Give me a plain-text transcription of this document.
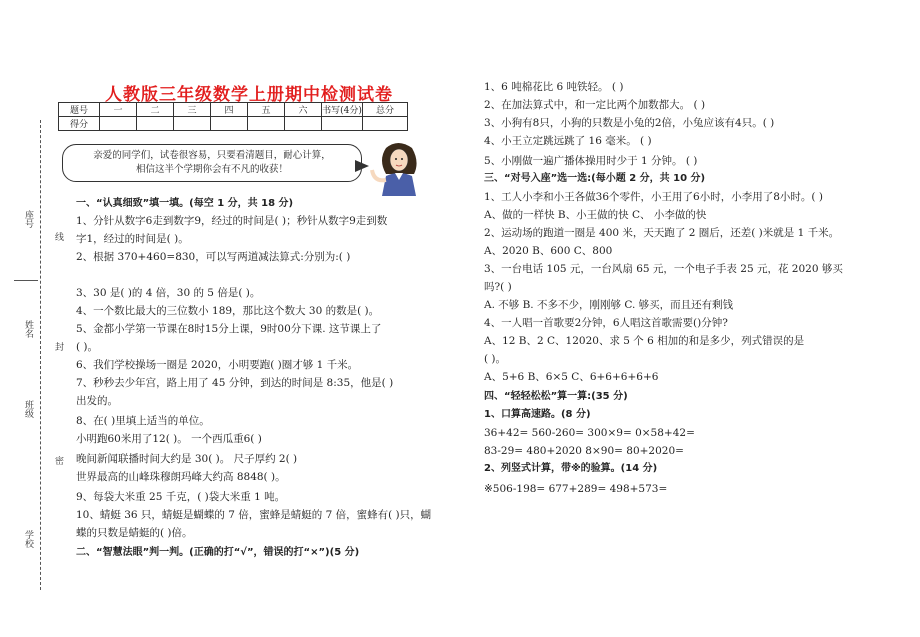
座号
姓名
班级
学校
线
封
密
人教版三年级数学上册期中检测试卷
题号	一	二	三	四	五	六	书写(4分)	总分
得分								
亲爱的同学们，试卷很容易，只要看清题目，耐心计算，
相信这半个学期你会有不凡的收获！
一、“认真细致”填一填。(每空 1 分，共 18 分)
1、分针从数字6走到数字9，经过的时间是( )；秒针从数字9走到数
字1，经过的时间是( )。
2、根据 370+460=830，可以写两道减法算式:分别为:( )
3、30 是( )的 4 倍，30 的 5 倍是( )。
4、一个数比最大的三位数小 189，那比这个数大 30 的数是( )。
5、金都小学第一节课在8时15分上课，9时00分下课. 这节课上了
( )。
6、我们学校操场一圈是 2020，小明要跑( )圈才够 1 千米。
7、秒秒去少年宫，路上用了 45 分钟，到达的时间是 8:35，他是( )
出发的。
8、在( )里填上适当的单位。
小明跑60米用了12( )。 一个西瓜重6( )
晚间新闻联播时间大约是 30( )。 尺子厚约 2( )
世界最高的山峰珠穆朗玛峰大约高 8848( )。
9、每袋大米重 25 千克，( )袋大米重 1 吨。
10、蜻蜓 36 只，蜻蜓是蝴蝶的 7 倍，蜜蜂是蜻蜓的 7 倍，蜜蜂有( )只，蝴
蝶的只数是蜻蜓的( )倍。
二、“智慧法眼”判一判。(正确的打“√”，错误的打“×”)(5 分)
1、6 吨棉花比 6 吨铁轻。 ( )
2、在加法算式中，和一定比两个加数都大。 ( )
3、小狗有8只，小狗的只数是小兔的2倍，小兔应该有4只。( )
4、小王立定跳远跳了 16 毫米。 ( )
5、小刚做一遍广播体操用时少于 1 分钟。 ( )
三、“对号入座”选一选:(每小题 2 分，共 10 分)
1、工人小李和小王各做36个零件，小王用了6小时，小李用了8小时。( )
A、做的一样快 B、小王做的快 C、 小李做的快
2、运动场的跑道一圈是 400 米，天天跑了 2 圈后，还差( )米就是 1 千米。
A、2020 B、600 C、800
3、一台电话 105 元，一台风扇 65 元，一个电子手表 25 元，花 2020 够买
吗?( )
A. 不够 B. 不多不少，刚刚够 C. 够买，而且还有剩钱
4、一人唱一首歌要2分钟，6人唱这首歌需要()分钟?
A、12 B、2 C、12020、求 5 个 6 相加的和是多少，列式错误的是
( )。
A、5+6 B、6×5 C、6+6+6+6+6
四、“轻轻松松”算一算:(35 分)
1、口算高速路。(8 分)
36+42= 560-260= 300×9= 0×58+42=
83-29= 480+2020 8×90= 80+2020=
2、列竖式计算，带※的验算。(14 分)
※506-198= 677+289= 498+573=
